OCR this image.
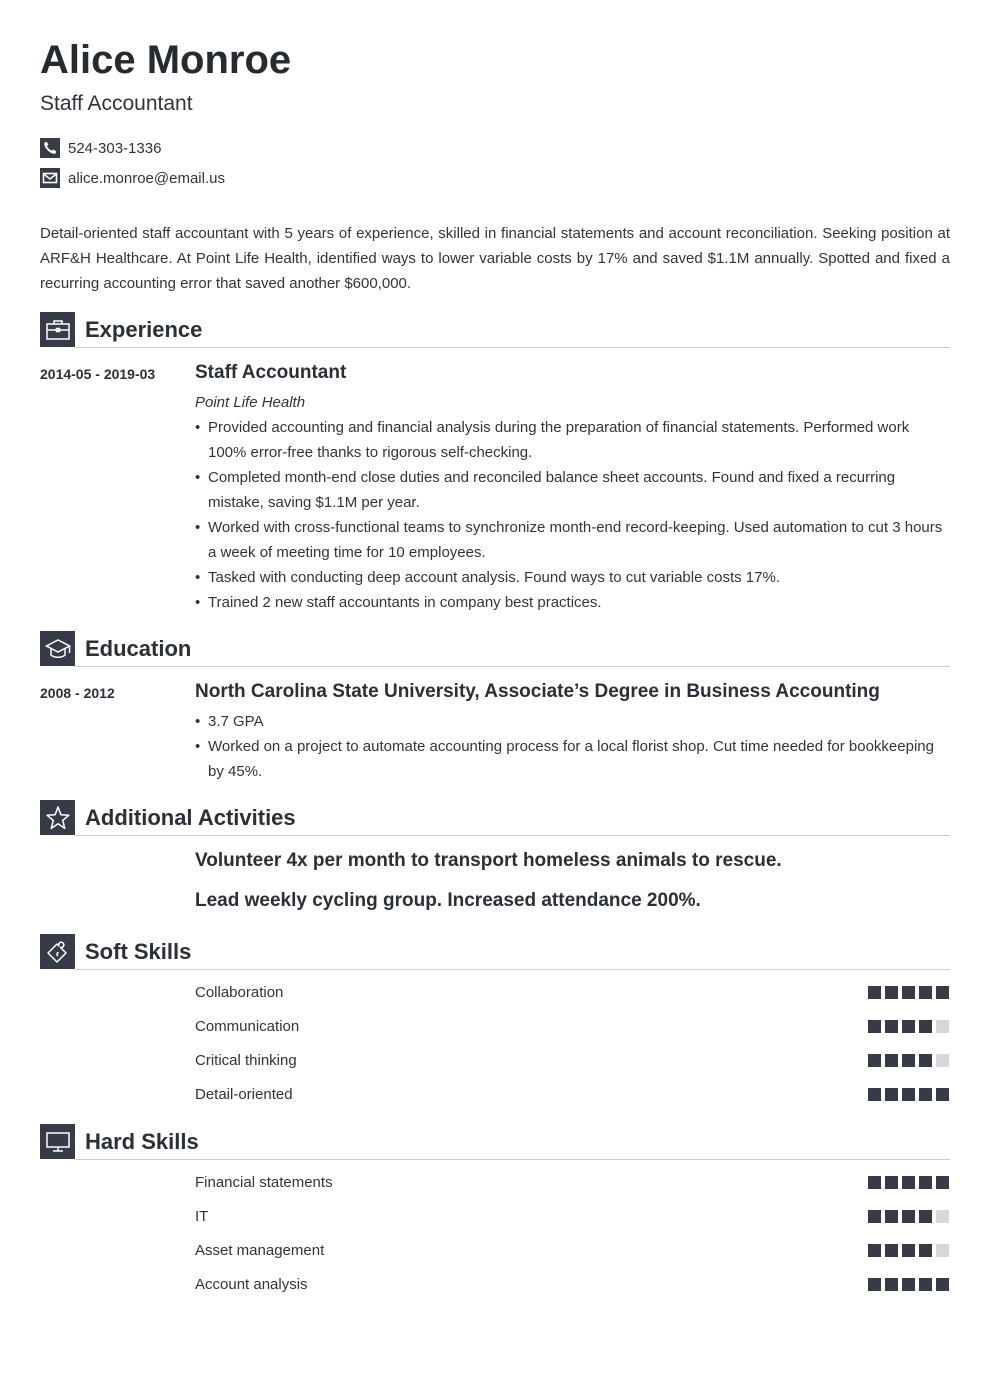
Alice Monroe
Staff Accountant
524-303-1336
alice.monroe@email.us

Detail-oriented staff accountant with 5 years of experience, skilled in financial statements and account reconciliation. Seeking position at ARF&H Healthcare. At Point Life Health, identified ways to lower variable costs by 17% and saved $1.1M annually. Spotted and fixed a recurring accounting error that saved another $600,000.

Experience
2014-05 - 2019-03 Staff Accountant
Point Life Health
• Provided accounting and financial analysis during the preparation of financial statements. Performed work 100% error-free thanks to rigorous self-checking.
• Completed month-end close duties and reconciled balance sheet accounts. Found and fixed a recurring mistake, saving $1.1M per year.
• Worked with cross-functional teams to synchronize month-end record-keeping. Used automation to cut 3 hours a week of meeting time for 10 employees.
• Tasked with conducting deep account analysis. Found ways to cut variable costs 17%.
• Trained 2 new staff accountants in company best practices.
Education
2008 - 2012	North Carolina State University, Associate’s Degree in Business Accounting
• 3.7 GPA
• Worked on a project to automate accounting process for a local florist shop. Cut time needed for bookkeeping by 45%.
Additional Activities
Volunteer 4x per month to transport homeless animals to rescue.
Lead weekly cycling group. Increased attendance 200%.
Soft Skills
Collaboration
Communication
Critical thinking
Detail-oriented
Hard Skills
Financial statements
IT
Asset management
Account analysis
